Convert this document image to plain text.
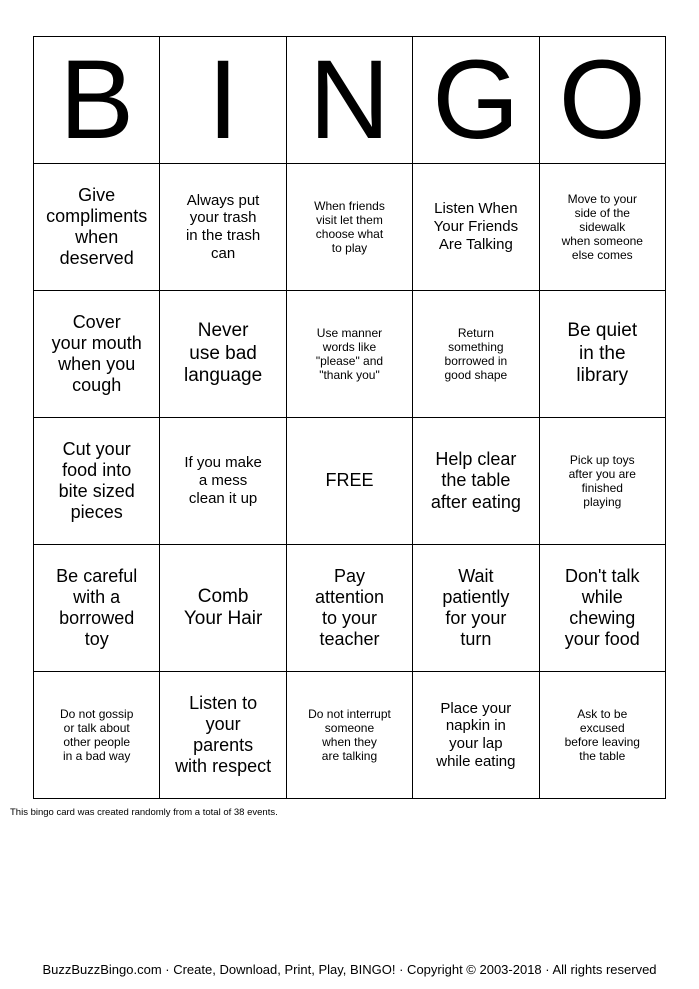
B	I	N	G	O

Give
compliments
when
deserved	Always put
your trash
in the trash
can	When friends
visit let them
choose what
to play	Listen When
Your Friends
Are Talking	Move to your
side of the
sidewalk
when someone
else comes
Cover
your mouth
when you
cough	Never
use bad
language	Use manner
words like
"please" and
"thank you"	Return
something
borrowed in
good shape	Be quiet
in the
library
Cut your
food into
bite sized
pieces	If you make
a mess
clean it up	FREE	Help clear
the table
after eating	Pick up toys
after you are
finished
playing
Be careful
with a
borrowed
toy	Comb
Your Hair	Pay
attention
to your
teacher	Wait
patiently
for your
turn	Don't talk
while
chewing
your food
Do not gossip
or talk about
other people
in a bad way	Listen to
your
parents
with respect	Do not interrupt
someone
when they
are talking	Place your
napkin in
your lap
while eating	Ask to be
excused
before leaving
the table
This bingo card was created randomly from a total of 38 events.
BuzzBuzzBingo.com · Create, Download, Print, Play, BINGO! · Copyright © 2003-2018 · All rights reserved
